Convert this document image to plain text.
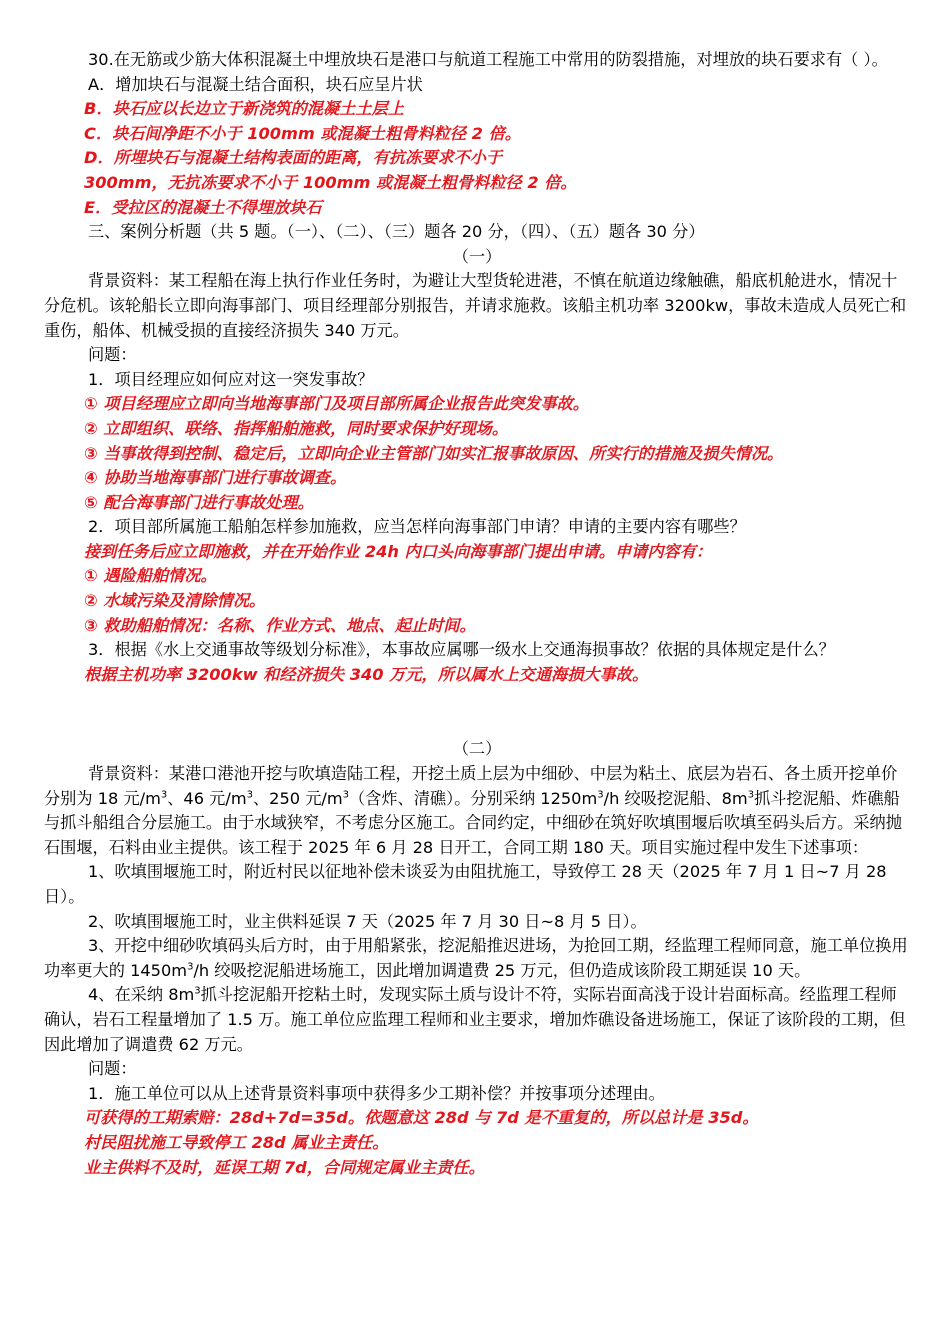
30.在无筋或少筋大体积混凝土中埋放块石是港口与航道工程施工中常用的防裂措施，对埋放的块石要求有（ ）。

A．增加块石与混凝土结合面积，块石应呈片状

B．块石应以长边立于新浇筑的混凝土土层上

C．块石间净距不小于 100mm 或混凝土粗骨料粒径 2 倍。

D．所埋块石与混凝土结构表面的距离，有抗冻要求不小于

300mm，无抗冻要求不小于 100mm 或混凝土粗骨料粒径 2 倍。

E．受拉区的混凝土不得埋放块石

三、案例分析题（共 5 题。（一）、（二）、（三）题各 20 分，（四）、（五）题各 30 分）

（一）

背景资料：某工程船在海上执行作业任务时，为避让大型货轮进港，不慎在航道边缘触礁，船底机舱进水，情况十分危机。该轮船长立即向海事部门、项目经理部分别报告，并请求施救。该船主机功率 3200kw，事故未造成人员死亡和重伤，船体、机械受损的直接经济损失 340 万元。

问题：

1．项目经理应如何应对这一突发事故？

① 项目经理应立即向当地海事部门及项目部所属企业报告此突发事故。

② 立即组织、联络、指挥船舶施救，同时要求保护好现场。

③ 当事故得到控制、稳定后，立即向企业主管部门如实汇报事故原因、所实行的措施及损失情况。

④ 协助当地海事部门进行事故调查。

⑤ 配合海事部门进行事故处理。

2．项目部所属施工船舶怎样参加施救，应当怎样向海事部门申请？申请的主要内容有哪些？

接到任务后应立即施救，并在开始作业 24h 内口头向海事部门提出申请。申请内容有：

① 遇险船舶情况。

② 水域污染及清除情况。

③ 救助船舶情况：名称、作业方式、地点、起止时间。

3．根据《水上交通事故等级划分标准》，本事故应属哪一级水上交通海损事故？依据的具体规定是什么？

根据主机功率 3200kw 和经济损失 340 万元，所以属水上交通海损大事故。

（二）

背景资料：某港口港池开挖与吹填造陆工程，开挖土质上层为中细砂、中层为粘土、底层为岩石、各土质开挖单价分别为 18 元$/m^3$、46 元$/m^3$、250 元$/m^3$（含炸、清礁）。分别采纳 $1250m^3/h$ 绞吸挖泥船、$8m^3$抓斗挖泥船、炸礁船与抓斗船组合分层施工。由于水域狭窄，不考虑分区施工。合同约定，中细砂在筑好吹填围堰后吹填至码头后方。采纳抛石围堰，石料由业主提供。该工程于 2025 年 6 月 28 日开工，合同工期 180 天。项目实施过程中发生下述事项：

1、吹填围堰施工时，附近村民以征地补偿未谈妥为由阻扰施工，导致停工 28 天（2025 年 7 月 1 日~7 月 28 日）。

2、吹填围堰施工时，业主供料延误 7 天（2025 年 7 月 30 日~8 月 5 日）。

3、开挖中细砂吹填码头后方时，由于用船紧张，挖泥船推迟进场，为抢回工期，经监理工程师同意，施工单位换用功率更大的 $1450m^3/h$ 绞吸挖泥船进场施工，因此增加调遣费 25 万元，但仍造成该阶段工期延误 10 天。

4、在采纳 $8m^3$抓斗挖泥船开挖粘土时，发现实际土质与设计不符，实际岩面高浅于设计岩面标高。经监理工程师确认，岩石工程量增加了 1.5 万。施工单位应监理工程师和业主要求，增加炸礁设备进场施工，保证了该阶段的工期，但因此增加了调遣费 62 万元。

问题：

1．施工单位可以从上述背景资料事项中获得多少工期补偿？并按事项分述理由。

可获得的工期索赔：28d+7d=35d。依题意这 28d 与 7d 是不重复的，所以总计是 35d。

村民阻扰施工导致停工 28d 属业主责任。

业主供料不及时，延误工期 7d，合同规定属业主责任。
